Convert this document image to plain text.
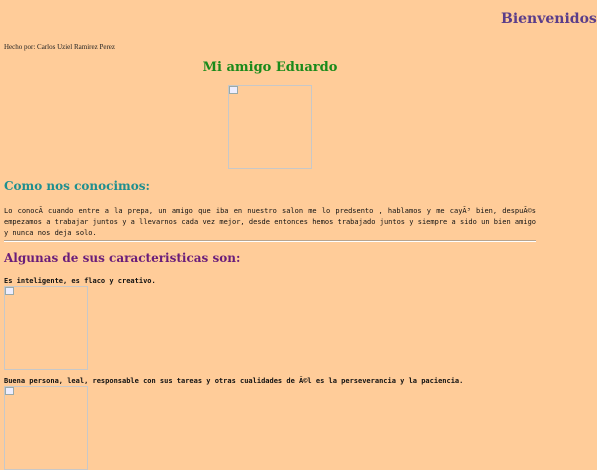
Bienvenidos
Hecho por: Carlos Uziel Ramirez Perez
Mi amigo Eduardo
Como nos conocimos:
Lo conocÃ cuando entre a la prepa, un amigo que iba en nuestro salon me lo predsento , hablamos y me cayÃ³ bien, despuÃ©s empezamos a trabajar juntos y a llevarnos cada vez mejor, desde entonces hemos trabajado juntos y siempre a sido un bien amigo y nunca nos deja solo.
Algunas de sus caracteristicas son:
Es inteligente, es flaco y creativo.
Buena persona, leal, responsable con sus tareas y otras cualidades de Ã©l es la perseverancia y la paciencia.
